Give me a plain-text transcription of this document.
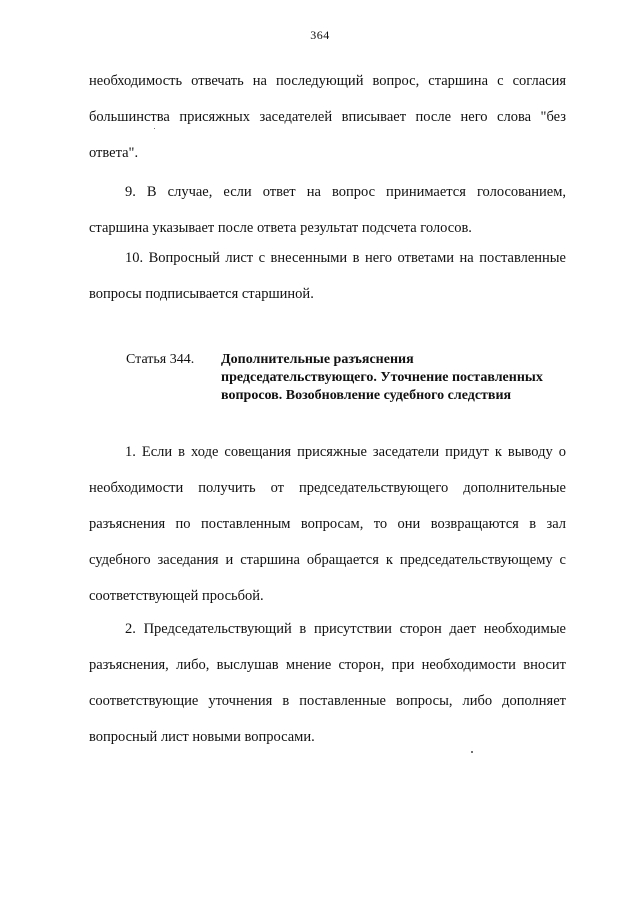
364

необходимость отвечать на последующий вопрос, старшина с согласия большинства присяжных заседателей вписывает после него слова "без ответа".

9. В случае, если ответ на вопрос принимается голосованием, старшина указывает после ответа результат подсчета голосов.

10. Вопросный лист с внесенными в него ответами на поставленные вопросы подписывается старшиной.

Статья 344. Дополнительные разъяснения
председательствующего. Уточнение поставленных
вопросов. Возобновление судебного следствия

1. Если в ходе совещания присяжные заседатели придут к выводу о необходимости получить от председательствующего дополнительные разъяснения по поставленным вопросам, то они возвращаются в зал судебного заседания и старшина обращается к председательствующему с соответствующей просьбой.

2. Председательствующий в присутствии сторон дает необходимые разъяснения, либо, выслушав мнение сторон, при необходимости вносит соответствующие уточнения в поставленные вопросы, либо дополняет вопросный лист новыми вопросами.
